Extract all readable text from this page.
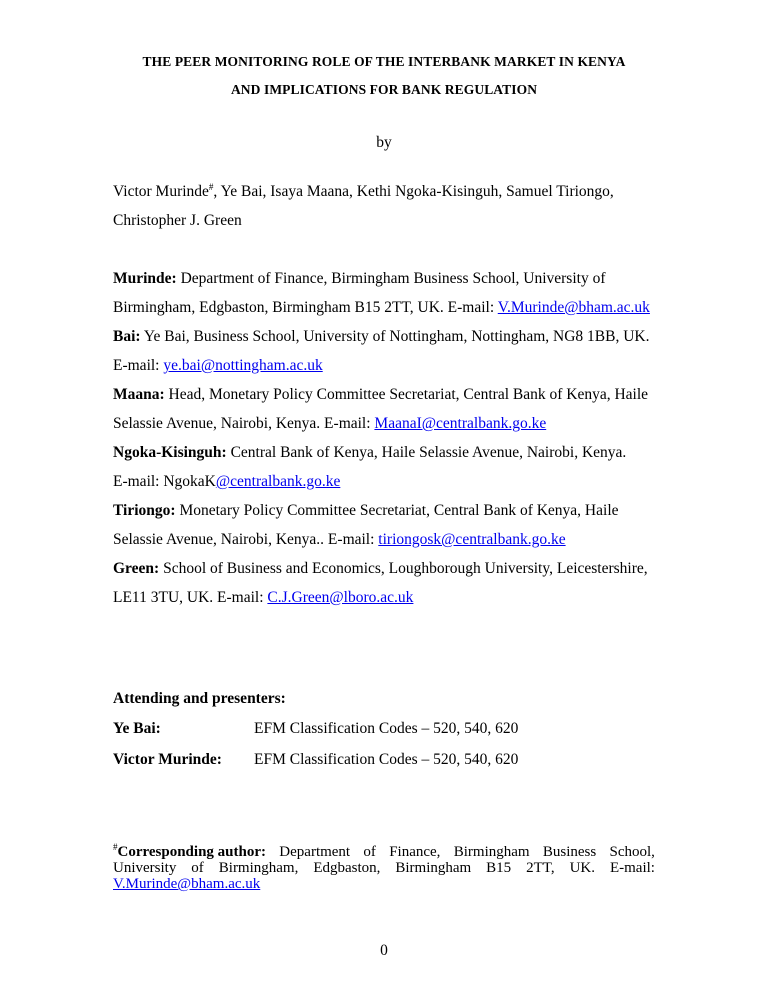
THE PEER MONITORING ROLE OF THE INTERBANK MARKET IN KENYA
AND IMPLICATIONS FOR BANK REGULATION
by
Victor Murinde#, Ye Bai, Isaya Maana, Kethi Ngoka-Kisinguh, Samuel Tiriongo,
Christopher J. Green
Murinde: Department of Finance, Birmingham Business School, University of
Birmingham, Edgbaston, Birmingham B15 2TT, UK. E-mail: V.Murinde@bham.ac.uk
Bai: Ye Bai, Business School, University of Nottingham, Nottingham, NG8 1BB, UK.
E-mail: ye.bai@nottingham.ac.uk
Maana: Head, Monetary Policy Committee Secretariat, Central Bank of Kenya, Haile
Selassie Avenue, Nairobi, Kenya. E-mail: MaanaI@centralbank.go.ke
Ngoka-Kisinguh: Central Bank of Kenya, Haile Selassie Avenue, Nairobi, Kenya.
E-mail: NgokaK@centralbank.go.ke
Tiriongo: Monetary Policy Committee Secretariat, Central Bank of Kenya, Haile
Selassie Avenue, Nairobi, Kenya.. E-mail: tiriongosk@centralbank.go.ke
Green: School of Business and Economics, Loughborough University, Leicestershire,
LE11 3TU, UK. E-mail: C.J.Green@lboro.ac.uk
Attending and presenters:
Ye Bai:	EFM Classification Codes – 520, 540, 620
Victor Murinde: EFM Classification Codes – 520, 540, 620
#Corresponding author: Department of Finance, Birmingham Business School,
University of Birmingham, Edgbaston, Birmingham B15 2TT, UK. E-mail:
V.Murinde@bham.ac.uk
0
